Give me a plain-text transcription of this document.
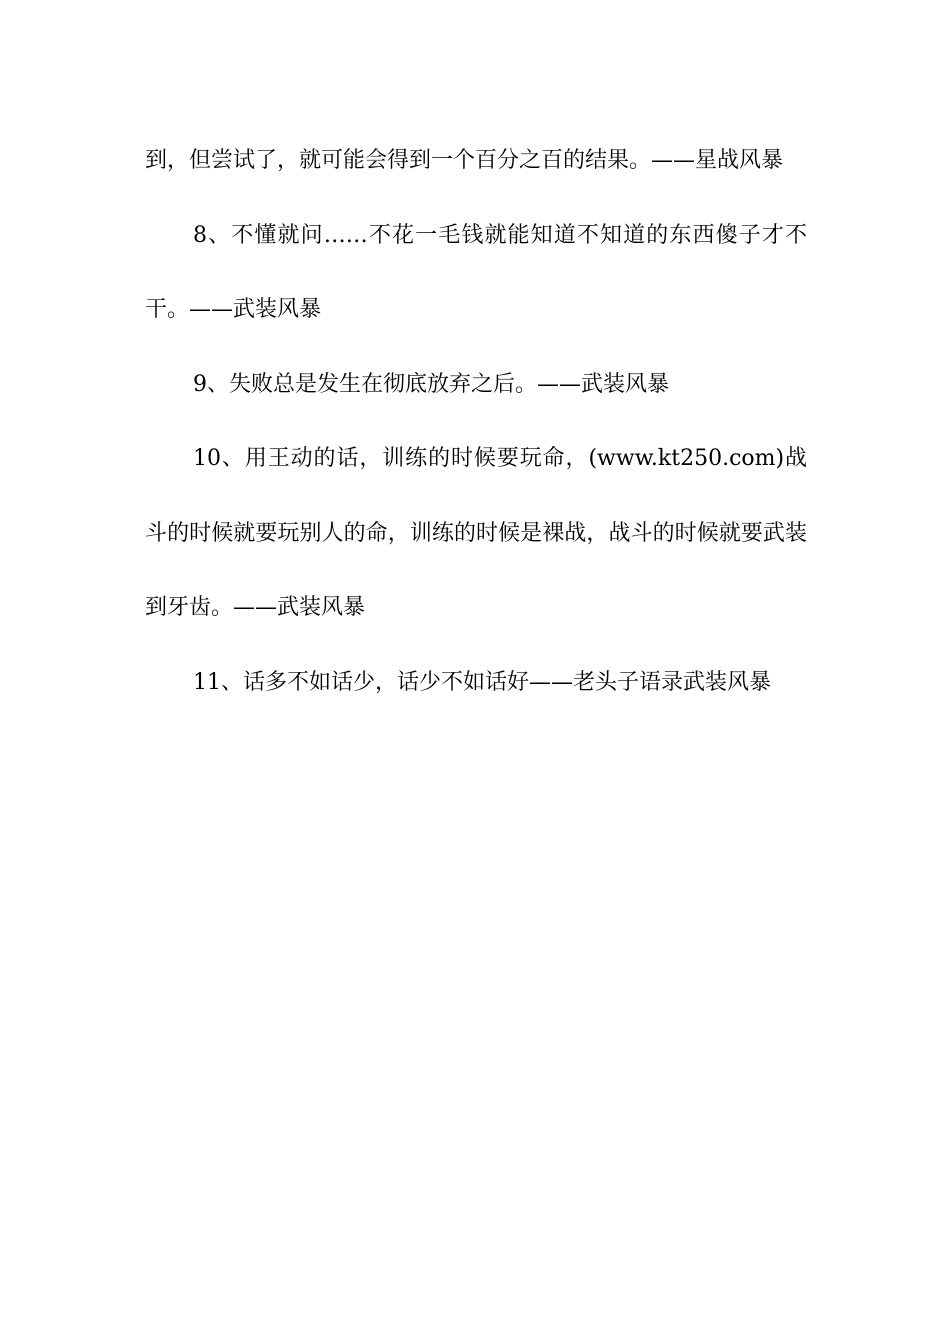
到，但尝试了，就可能会得到一个百分之百的结果。——星战风暴

8、不懂就问……不花一毛钱就能知道不知道的东西傻子才不干。——武装风暴

9、失败总是发生在彻底放弃之后。——武装风暴

10、用王动的话，训练的时候要玩命，(www.kt250.com)战斗的时候就要玩别人的命，训练的时候是裸战，战斗的时候就要武装到牙齿。——武装风暴

11、话多不如话少，话少不如话好——老头子语录武装风暴
